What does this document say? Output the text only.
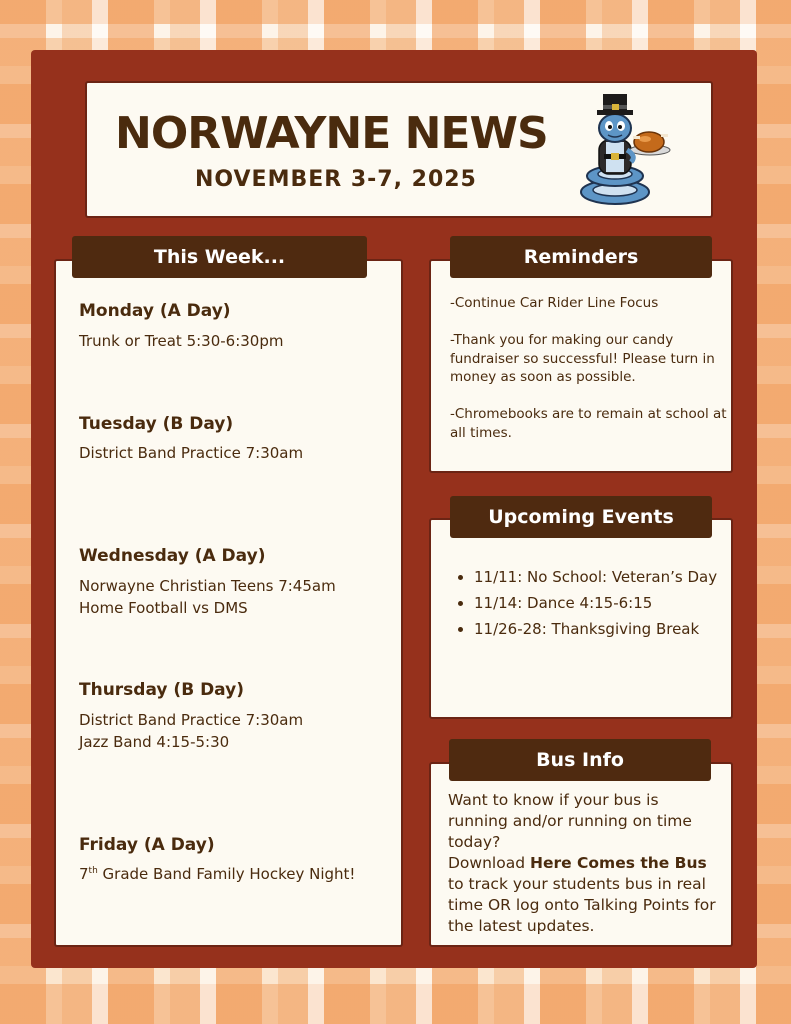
NORWAYNE NEWS
NOVEMBER 3-7, 2025
This Week...
Monday (A Day)
Trunk or Treat 5:30-6:30pm
Tuesday (B Day)
District Band Practice 7:30am
Wednesday (A Day)
Norwayne Christian Teens 7:45am
Home Football vs DMS
Thursday (B Day)
District Band Practice 7:30am
Jazz Band 4:15-5:30
Friday (A Day)
7th Grade Band Family Hockey Night!
Reminders
-Continue Car Rider Line Focus
-Thank you for making our candy fundraiser so successful! Please turn in money as soon as possible.
-Chromebooks are to remain at school at all times.
Upcoming Events
• 11/11: No School: Veteran’s Day
• 11/14: Dance 4:15-6:15
• 11/26-28: Thanksgiving Break
Bus Info
Want to know if your bus is running and/or running on time today?
Download Here Comes the Bus to track your students bus in real time OR log onto Talking Points for the latest updates.
